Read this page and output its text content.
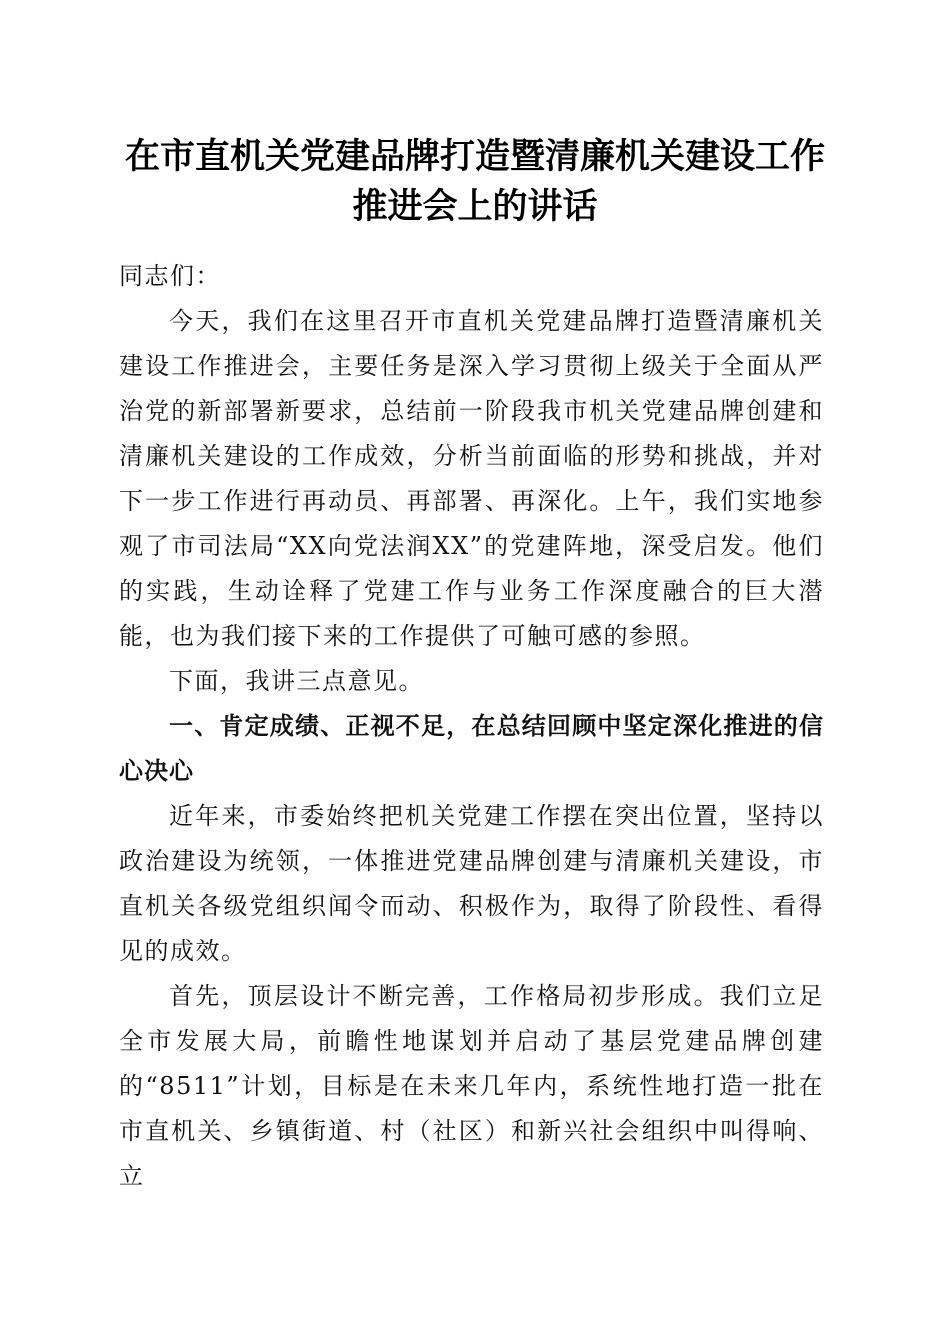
在市直机关党建品牌打造暨清廉机关建设工作
推进会上的讲话

同志们：

今天，我们在这里召开市直机关党建品牌打造暨清廉机关建设工作推进会，主要任务是深入学习贯彻上级关于全面从严治党的新部署新要求，总结前一阶段我市机关党建品牌创建和清廉机关建设的工作成效，分析当前面临的形势和挑战，并对下一步工作进行再动员、再部署、再深化。上午，我们实地参观了市司法局“XX向党法润XX”的党建阵地，深受启发。他们的实践，生动诠释了党建工作与业务工作深度融合的巨大潜能，也为我们接下来的工作提供了可触可感的参照。

下面，我讲三点意见。

一、肯定成绩、正视不足，在总结回顾中坚定深化推进的信心决心

近年来，市委始终把机关党建工作摆在突出位置，坚持以政治建设为统领，一体推进党建品牌创建与清廉机关建设，市直机关各级党组织闻令而动、积极作为，取得了阶段性、看得见的成效。

首先，顶层设计不断完善，工作格局初步形成。我们立足全市发展大局，前瞻性地谋划并启动了基层党建品牌创建的“8511”计划，目标是在未来几年内，系统性地打造一批在市直机关、乡镇街道、村（社区）和新兴社会组织中叫得响、立
